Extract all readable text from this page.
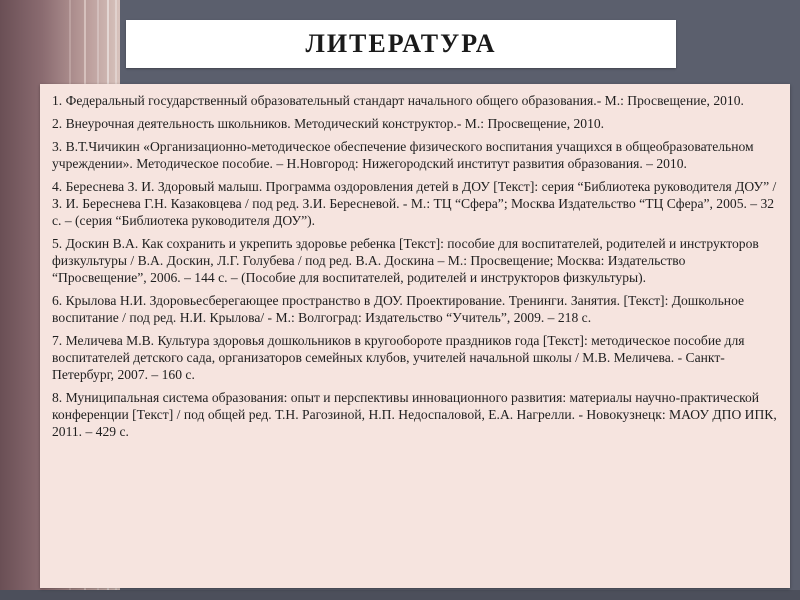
ЛИТЕРАТУРА

1. Федеральный государственный образовательный стандарт начального общего образования.- М.: Просвещение, 2010.

2. Внеурочная деятельность школьников. Методический конструктор.- М.: Просвещение, 2010.

3. В.Т.Чичикин «Организационно-методическое обеспечение физического воспитания учащихся в общеобразовательном учреждении». Методическое пособие. – Н.Новгород: Нижегородский институт развития образования. – 2010.

4. Береснева З. И. Здоровый малыш. Программа оздоровления детей в ДОУ [Текст]: серия “Библиотека руководителя ДОУ” /З. И. Береснева Г.Н. Казаковцева / под ред. З.И. Бересневой. - М.: ТЦ “Сфера”; Москва Издательство “ТЦ Сфера”, 2005. – 32 с. – (серия “Библиотека руководителя ДОУ”).

5. Доскин В.А. Как сохранить и укрепить здоровье ребенка [Текст]: пособие для воспитателей, родителей и инструкторов физкультуры / В.А. Доскин, Л.Г. Голубева / под ред. В.А. Доскина – М.: Просвещение; Москва: Издательство “Просвещение”, 2006. – 144 с. – (Пособие для воспитателей, родителей и инструкторов физкультуры).

6. Крылова Н.И. Здоровьесберегающее пространство в ДОУ. Проектирование. Тренинги. Занятия. [Текст]: Дошкольное воспитание / под ред. Н.И. Крылова/ - М.: Волгоград: Издательство “Учитель”, 2009. – 218 с.

7. Меличева М.В. Культура здоровья дошкольников в кругообороте праздников года [Текст]: методическое пособие для воспитателей детского сада, организаторов семейных клубов, учителей начальной школы / М.В. Меличева. - Санкт-Петербург, 2007. – 160 с.

8. Муниципальная система образования: опыт и перспективы инновационного развития: материалы научно-практической конференции [Текст] / под общей ред. Т.Н. Рагозиной, Н.П. Недоспаловой, Е.А. Нагрелли. - Новокузнецк: МАОУ ДПО ИПК, 2011. – 429 с.
